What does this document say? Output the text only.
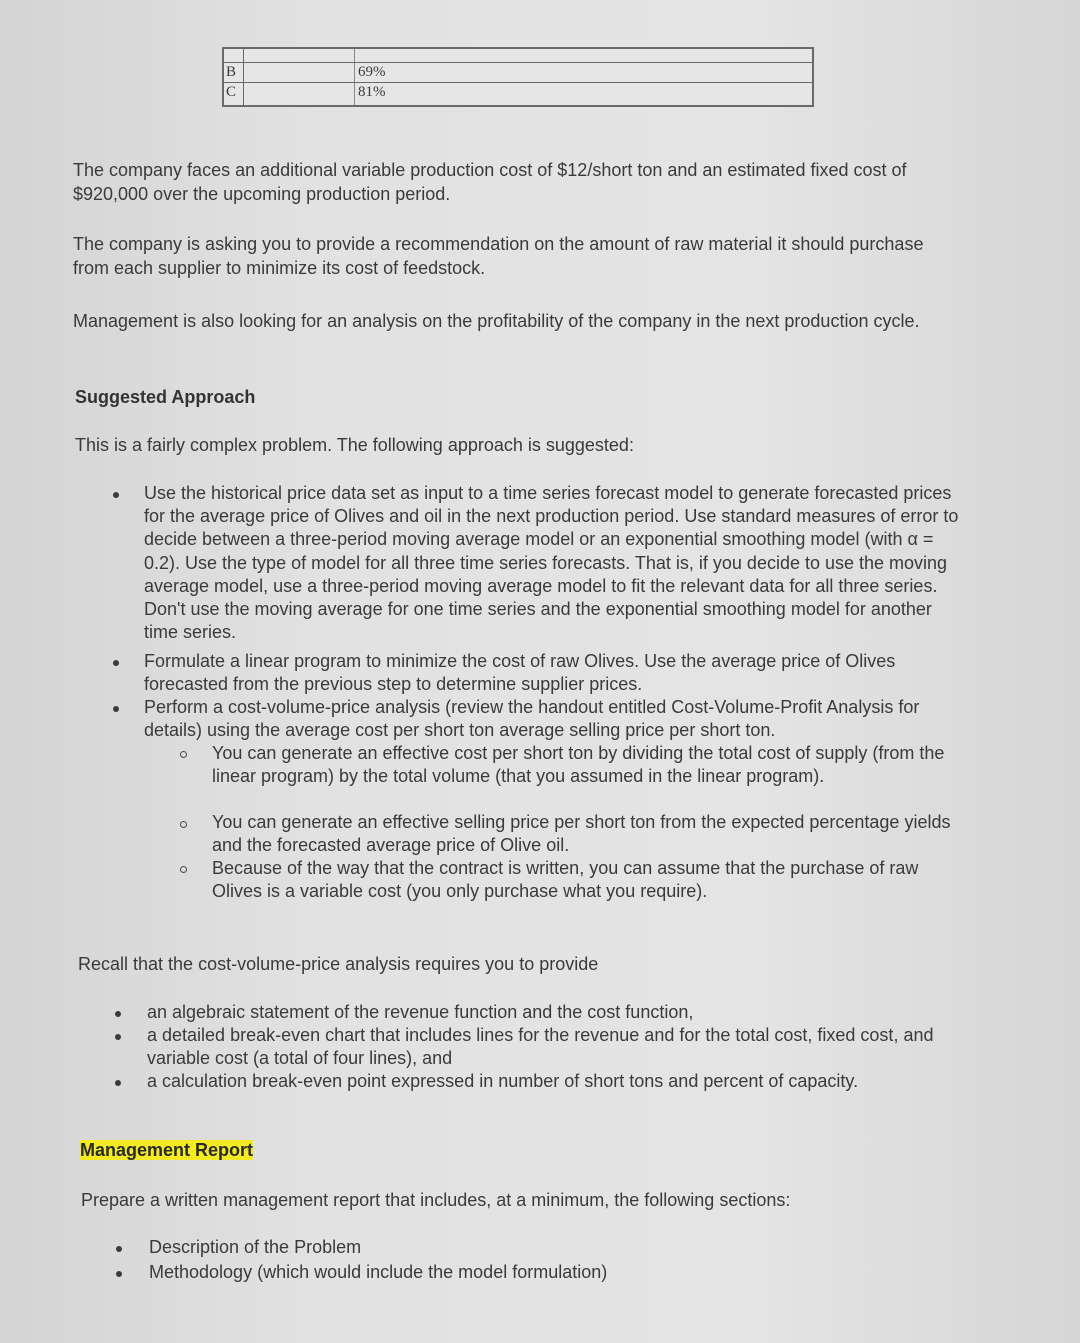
B	69%
C	81%
The company faces an additional variable production cost of $12/short ton and an estimated fixed cost of $920,000 over the upcoming production period.
The company is asking you to provide a recommendation on the amount of raw material it should purchase from each supplier to minimize its cost of feedstock.
Management is also looking for an analysis on the profitability of the company in the next production cycle.
Suggested Approach
This is a fairly complex problem. The following approach is suggested:
Use the historical price data set as input to a time series forecast model to generate forecasted prices for the average price of Olives and oil in the next production period. Use standard measures of error to decide between a three-period moving average model or an exponential smoothing model (with α = 0.2). Use the type of model for all three time series forecasts. That is, if you decide to use the moving average model, use a three-period moving average model to fit the relevant data for all three series. Don't use the moving average for one time series and the exponential smoothing model for another time series.
Formulate a linear program to minimize the cost of raw Olives. Use the average price of Olives forecasted from the previous step to determine supplier prices.
Perform a cost-volume-price analysis (review the handout entitled Cost-Volume-Profit Analysis for details) using the average cost per short ton average selling price per short ton.
You can generate an effective cost per short ton by dividing the total cost of supply (from the linear program) by the total volume (that you assumed in the linear program).
You can generate an effective selling price per short ton from the expected percentage yields and the forecasted average price of Olive oil.
Because of the way that the contract is written, you can assume that the purchase of raw Olives is a variable cost (you only purchase what you require).
Recall that the cost-volume-price analysis requires you to provide
an algebraic statement of the revenue function and the cost function,
a detailed break-even chart that includes lines for the revenue and for the total cost, fixed cost, and variable cost (a total of four lines), and
a calculation break-even point expressed in number of short tons and percent of capacity.
Management Report
Prepare a written management report that includes, at a minimum, the following sections:
Description of the Problem
Methodology (which would include the model formulation)
